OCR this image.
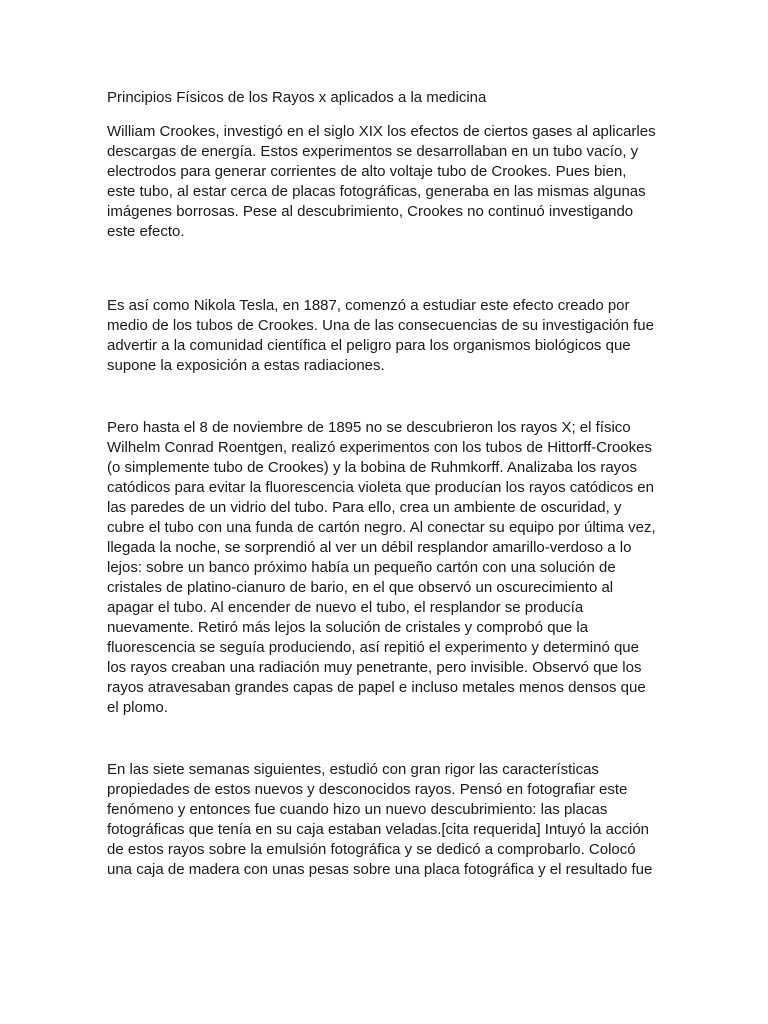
Principios Físicos de los Rayos x aplicados a la medicina

William Crookes, investigó en el siglo XIX los efectos de ciertos gases al aplicarles
descargas de energía. Estos experimentos se desarrollaban en un tubo vacío, y
electrodos para generar corrientes de alto voltaje tubo de Crookes. Pues bien,
este tubo, al estar cerca de placas fotográficas, generaba en las mismas algunas
imágenes borrosas. Pese al descubrimiento, Crookes no continuó investigando
este efecto.

Es así como Nikola Tesla, en 1887, comenzó a estudiar este efecto creado por
medio de los tubos de Crookes. Una de las consecuencias de su investigación fue
advertir a la comunidad científica el peligro para los organismos biológicos que
supone la exposición a estas radiaciones.

Pero hasta el 8 de noviembre de 1895 no se descubrieron los rayos X; el físico
Wilhelm Conrad Roentgen, realizó experimentos con los tubos de Hittorff-Crookes
(o simplemente tubo de Crookes) y la bobina de Ruhmkorff. Analizaba los rayos
catódicos para evitar la fluorescencia violeta que producían los rayos catódicos en
las paredes de un vidrio del tubo. Para ello, crea un ambiente de oscuridad, y
cubre el tubo con una funda de cartón negro. Al conectar su equipo por última vez,
llegada la noche, se sorprendió al ver un débil resplandor amarillo-verdoso a lo
lejos: sobre un banco próximo había un pequeño cartón con una solución de
cristales de platino-cianuro de bario, en el que observó un oscurecimiento al
apagar el tubo. Al encender de nuevo el tubo, el resplandor se producía
nuevamente. Retiró más lejos la solución de cristales y comprobó que la
fluorescencia se seguía produciendo, así repitió el experimento y determinó que
los rayos creaban una radiación muy penetrante, pero invisible. Observó que los
rayos atravesaban grandes capas de papel e incluso metales menos densos que
el plomo.

En las siete semanas siguientes, estudió con gran rigor las características
propiedades de estos nuevos y desconocidos rayos. Pensó en fotografiar este
fenómeno y entonces fue cuando hizo un nuevo descubrimiento: las placas
fotográficas que tenía en su caja estaban veladas.[cita requerida] Intuyó la acción
de estos rayos sobre la emulsión fotográfica y se dedicó a comprobarlo. Colocó
una caja de madera con unas pesas sobre una placa fotográfica y el resultado fue
